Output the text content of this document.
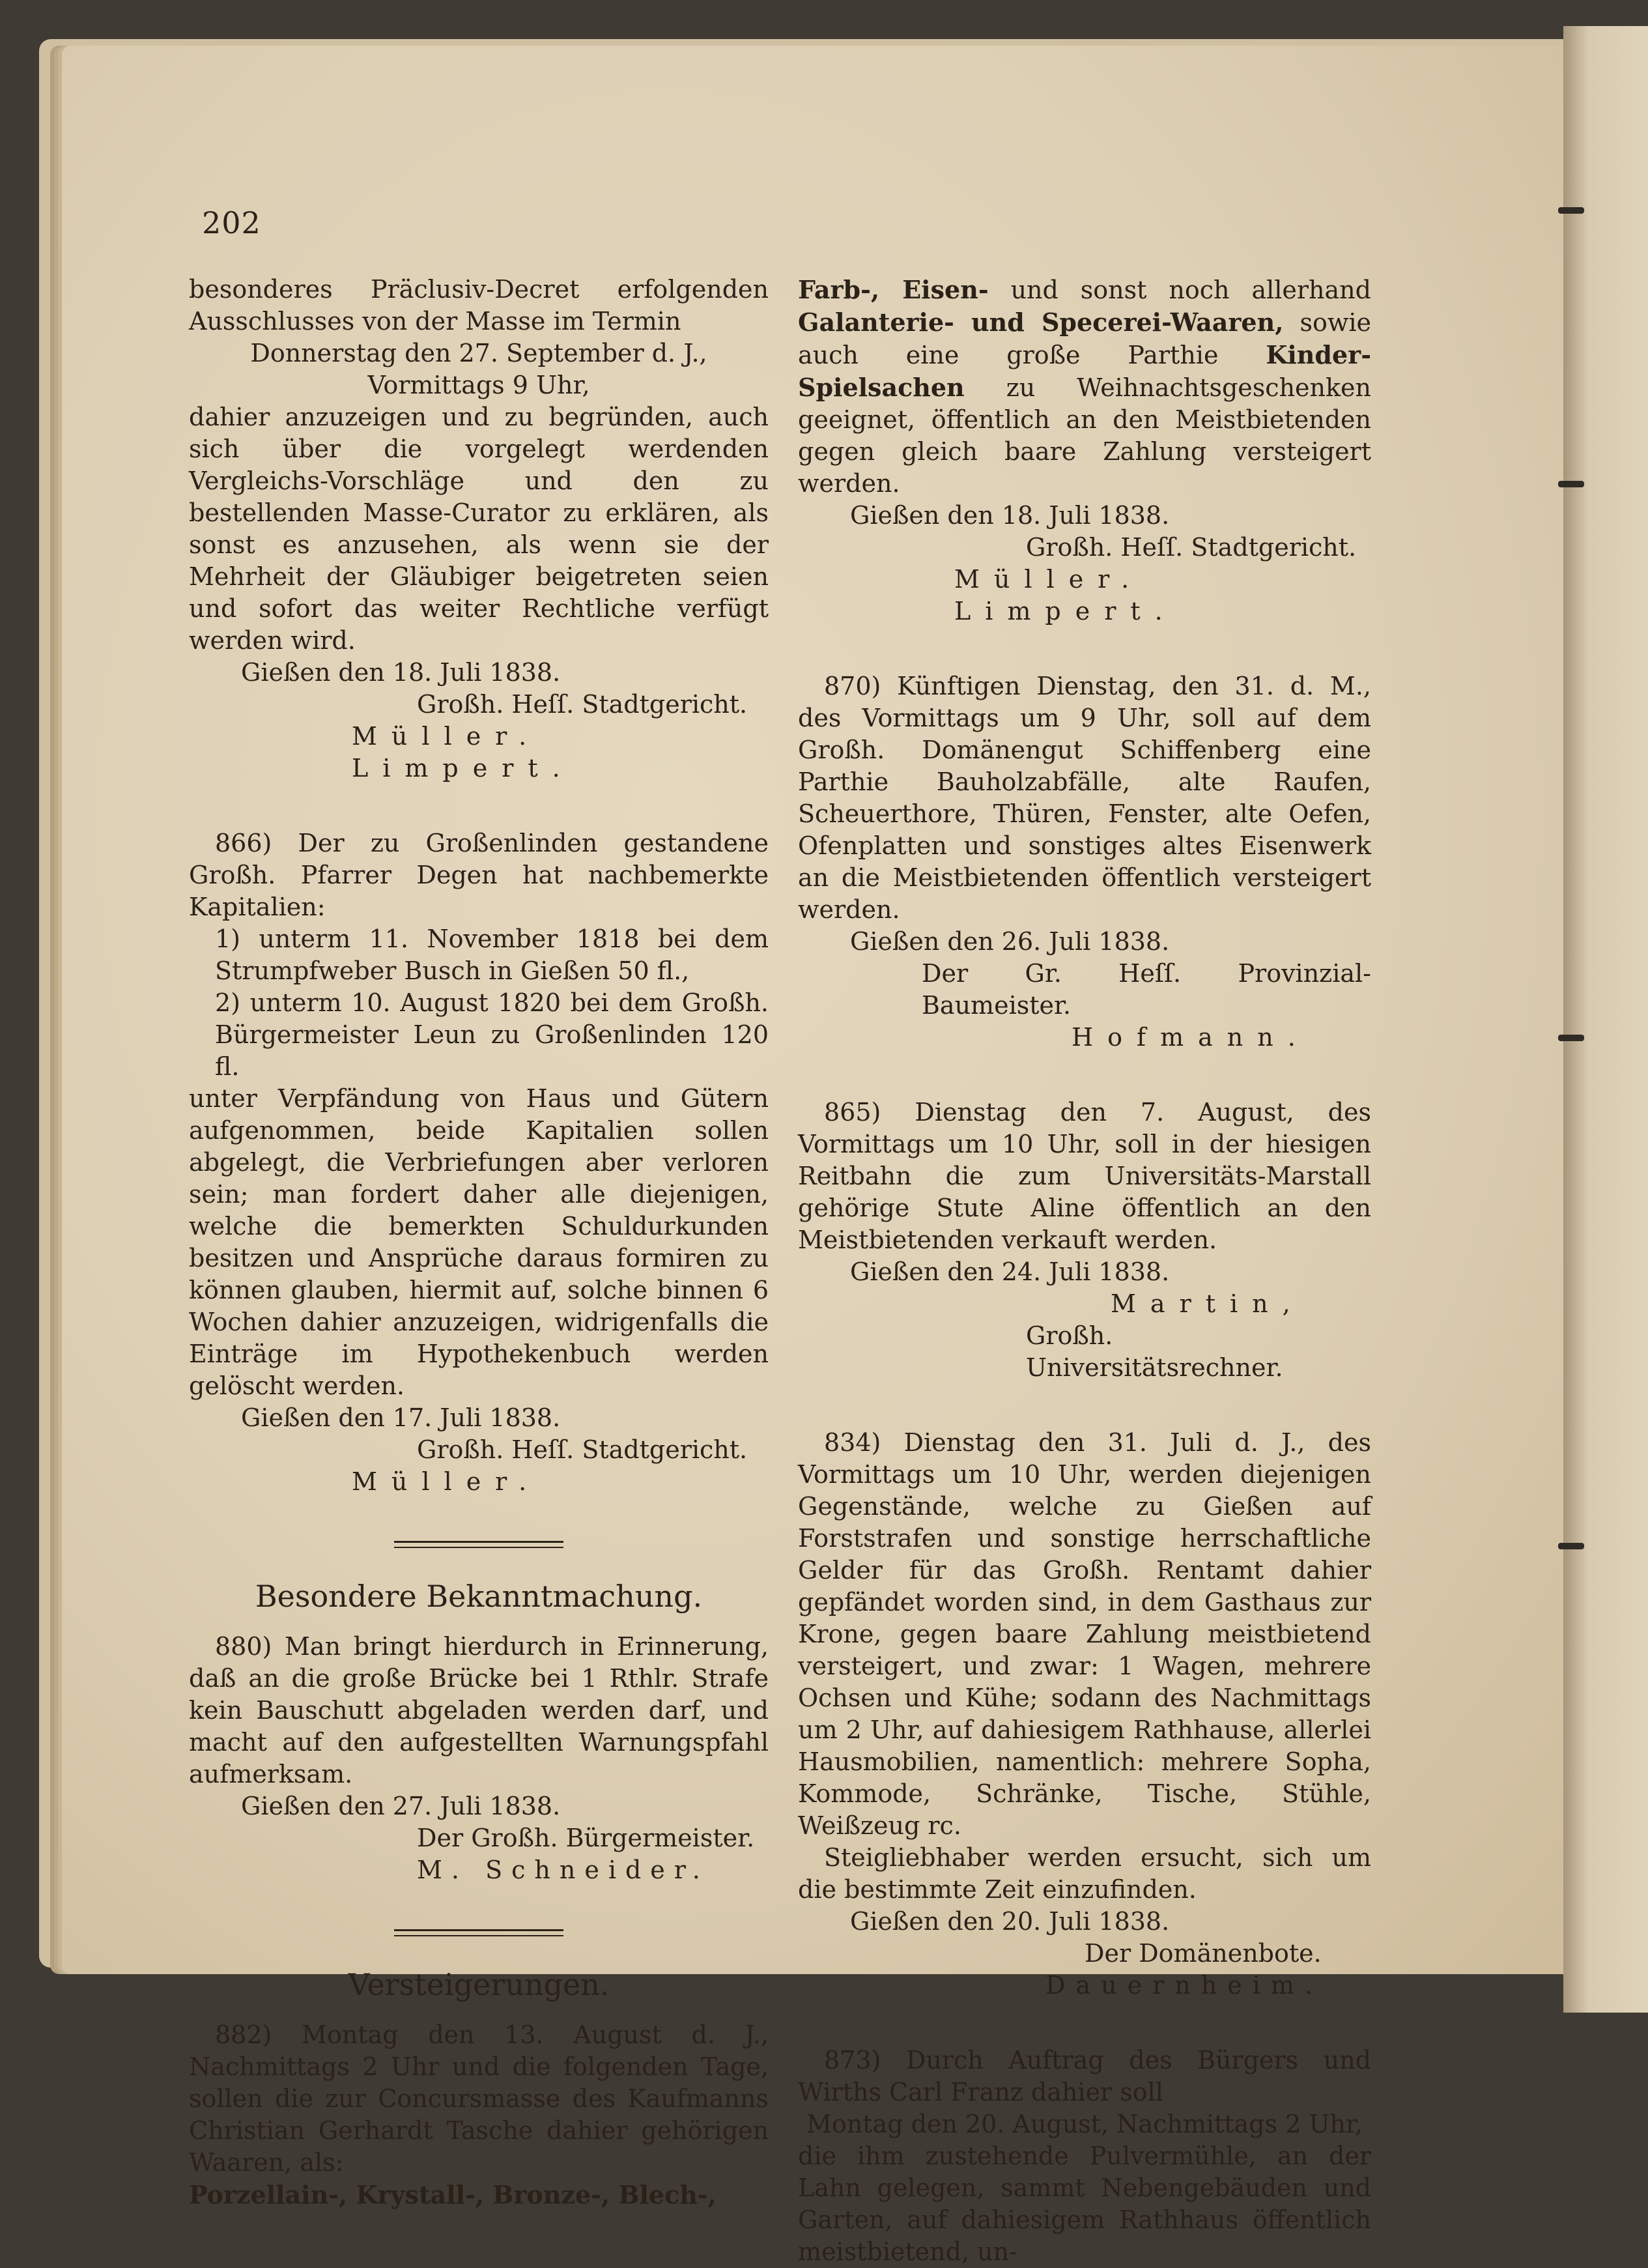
202

besonderes Präclusiv-Decret erfolgenden Ausschlusses von der Masse im Termin

Donnerstag den 27. September d. J.,

Vormittags 9 Uhr,

dahier anzuzeigen und zu begründen, auch sich über die vorgelegt werdenden Vergleichs-Vorschläge und den zu bestellenden Masse-Curator zu erklären, als sonst es anzusehen, als wenn sie der Mehrheit der Gläubiger beigetreten seien und sofort das weiter Rechtliche verfügt werden wird.

Gießen den 18. Juli 1838.

Großh. Heſſ. Stadtgericht.

Müller. Limpert.

866) Der zu Großenlinden gestandene Großh. Pfarrer Degen hat nachbemerkte Kapitalien:

1) unterm 11. November 1818 bei dem Strumpfweber Busch in Gießen 50 fl.,

2) unterm 10. August 1820 bei dem Großh. Bürgermeister Leun zu Großenlinden 120 fl.

unter Verpfändung von Haus und Gütern aufgenommen, beide Kapitalien sollen abgelegt, die Verbriefungen aber verloren sein; man fordert daher alle diejenigen, welche die bemerkten Schuldurkunden besitzen und Ansprüche daraus formiren zu können glauben, hiermit auf, solche binnen 6 Wochen dahier anzuzeigen, widrigenfalls die Einträge im Hypothekenbuch werden gelöscht werden.

Gießen den 17. Juli 1838.

Großh. Heſſ. Stadtgericht.

Müller.

Besondere Bekanntmachung.

880) Man bringt hierdurch in Erinnerung, daß an die große Brücke bei 1 Rthlr. Strafe kein Bauschutt abgeladen werden darf, und macht auf den aufgestellten Warnungspfahl aufmerksam.

Gießen den 27. Juli 1838.

Der Großh. Bürgermeister.

M. Schneider.

Versteigerungen.

882) Montag den 13. August d. J., Nachmittags 2 Uhr und die folgenden Tage, sollen die zur Concursmasse des Kaufmanns Christian Gerhardt Tasche dahier gehörigen Waaren, als:

Porzellain-, Krystall-, Bronze-, Blech-,

Farb-, Eisen- und sonst noch allerhand Galanterie- und Specerei-Waaren, sowie auch eine große Parthie Kinder-Spielsachen zu Weihnachtsgeschenken geeignet, öffentlich an den Meistbietenden gegen gleich baare Zahlung versteigert werden.

Gießen den 18. Juli 1838.

Großh. Heſſ. Stadtgericht.

Müller. Limpert.

870) Künftigen Dienstag, den 31. d. M., des Vormittags um 9 Uhr, soll auf dem Großh. Domänengut Schiffenberg eine Parthie Bauholzabfälle, alte Raufen, Scheuerthore, Thüren, Fenster, alte Oefen, Ofenplatten und sonstiges altes Eisenwerk an die Meistbietenden öffentlich versteigert werden.

Gießen den 26. Juli 1838.

Der Gr. Heſſ. Provinzial-Baumeister.

Hofmann.

865) Dienstag den 7. August, des Vormittags um 10 Uhr, soll in der hiesigen Reitbahn die zum Universitäts-Marstall gehörige Stute Aline öffentlich an den Meistbietenden verkauft werden.

Gießen den 24. Juli 1838.

Martin,

Großh. Universitätsrechner.

834) Dienstag den 31. Juli d. J., des Vormittags um 10 Uhr, werden diejenigen Gegenstände, welche zu Gießen auf Forststrafen und sonstige herrschaftliche Gelder für das Großh. Rentamt dahier gepfändet worden sind, in dem Gasthaus zur Krone, gegen baare Zahlung meistbietend versteigert, und zwar: 1 Wagen, mehrere Ochsen und Kühe; sodann des Nachmittags um 2 Uhr, auf dahiesigem Rathhause, allerlei Hausmobilien, namentlich: mehrere Sopha, Kommode, Schränke, Tische, Stühle, Weißzeug rc.

Steigliebhaber werden ersucht, sich um die bestimmte Zeit einzufinden.

Gießen den 20. Juli 1838.

Der Domänenbote.

Dauernheim.

873) Durch Auftrag des Bürgers und Wirths Carl Franz dahier soll

Montag den 20. August, Nachmittags 2 Uhr,

die ihm zustehende Pulvermühle, an der Lahn gelegen, sammt Nebengebäuden und Garten, auf dahiesigem Rathhaus öffentlich meistbietend, un-
